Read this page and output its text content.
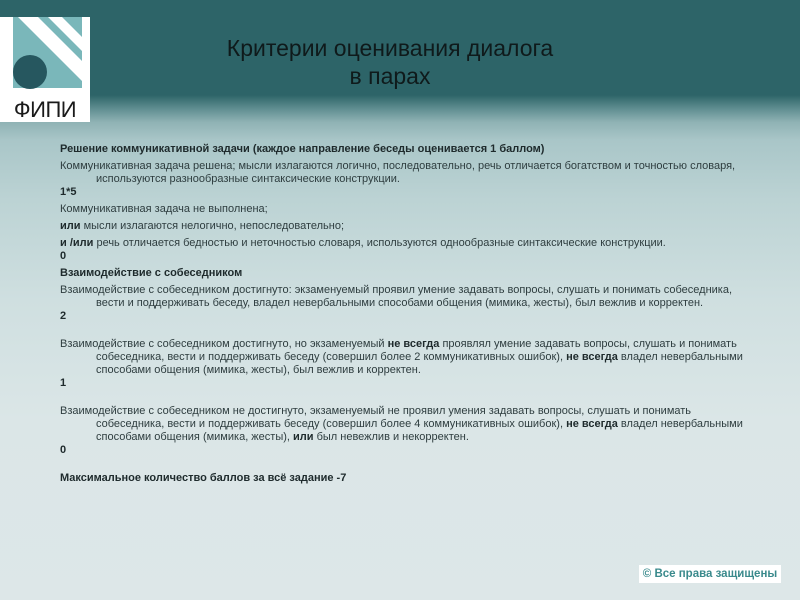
ФИПИ
Критерии оценивания диалога
в парах

Решение коммуникативной задачи (каждое направление беседы оценивается 1 баллом)

Коммуникативная задача решена; мысли излагаются логично, последовательно, речь отличается богатством и точностью словаря, используются разнообразные синтаксические конструкции.

1*5

Коммуникативная задача не выполнена;

или мысли излагаются нелогично, непоследовательно;

и /или речь отличается бедностью и неточностью словаря, используются однообразные синтаксические конструкции.

0

Взаимодействие с собеседником

Взаимодействие с собеседником достигнуто: экзаменуемый проявил умение задавать вопросы, слушать и понимать собеседника, вести и поддерживать беседу, владел невербальными способами общения (мимика, жесты), был вежлив и корректен.

2

Взаимодействие с собеседником достигнуто, но экзаменуемый не всегда проявлял умение задавать вопросы, слушать и понимать собеседника, вести и поддерживать беседу (совершил более 2 коммуникативных ошибок), не всегда владел невербальными способами общения (мимика, жесты), был вежлив и корректен.

1

Взаимодействие с собеседником не достигнуто, экзаменуемый не проявил умения задавать вопросы, слушать и понимать собеседника, вести и поддерживать беседу (совершил более 4 коммуникативных ошибок), не всегда владел невербальными способами общения (мимика, жесты), или был невежлив и некорректен.

0

Максимальное количество баллов за всё задание -7

© Все права защищены
